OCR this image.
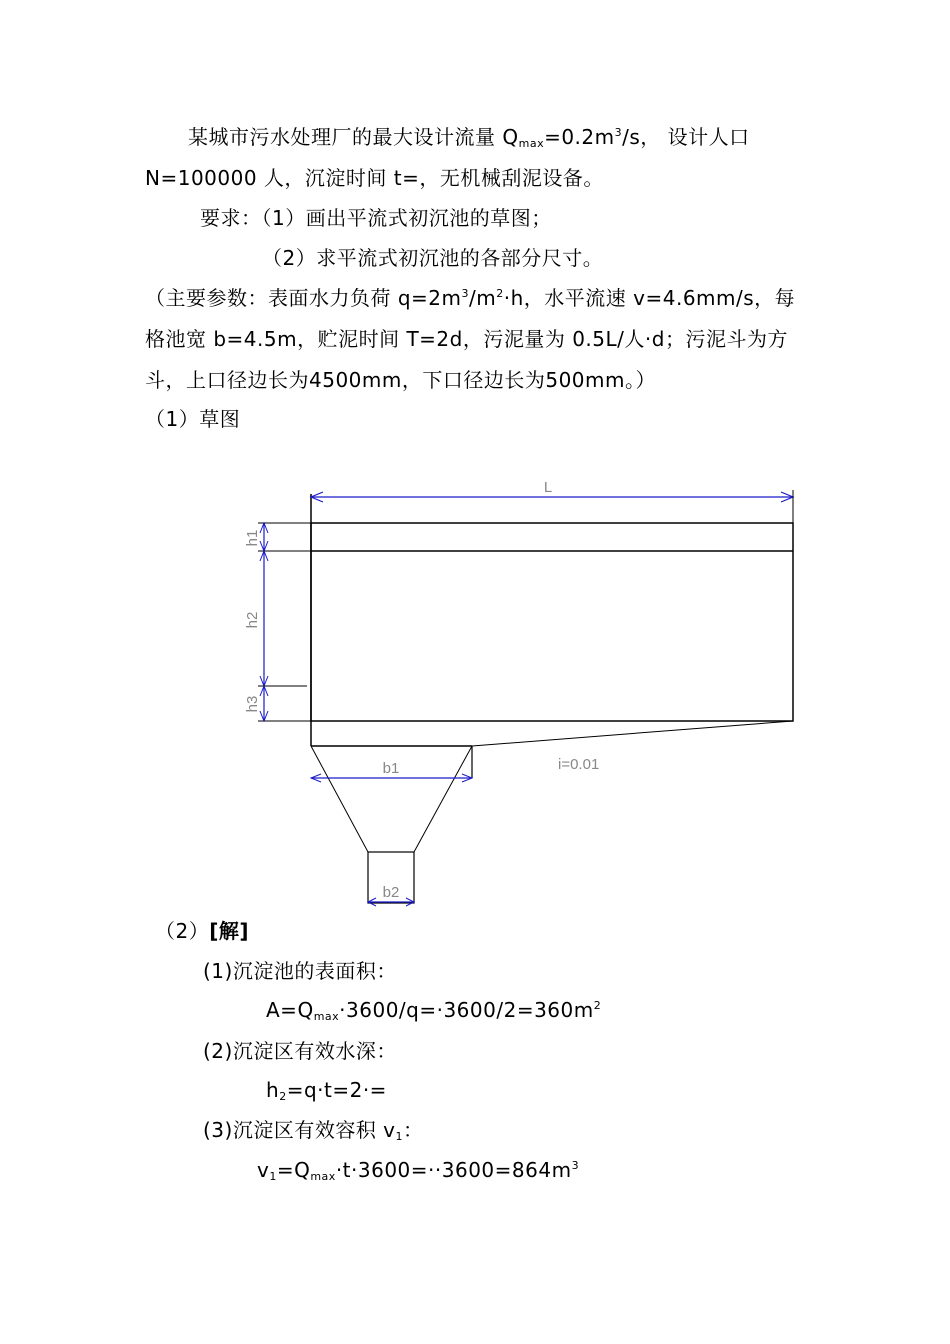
某城市污水处理厂的最大设计流量 $Q_{max}=0.2m^3/s$， 设计人口
N=100000 人，沉淀时间 t=，无机械刮泥设备。
要求：（1）画出平流式初沉池的草图；
（2）求平流式初沉池的各部分尺寸。
（主要参数：表面水力负荷 $q=2m^3/m^2\cdot h$，水平流速 v=4.6mm/s，每
格池宽 b=4.5m，贮泥时间 T=2d，污泥量为 0.5L/人·d；污泥斗为方
斗，上口径边长为4500mm，下口径边长为500mm。）
（1）草图
L
h1
h2
h3
b1
b2
i=0.01
（2）[解]
(1)沉淀池的表面积：
$A=Q_{max}\cdot 3600/q=\cdot 3600/2=360m^2$
(2)沉淀区有效水深：
$h_2=q\cdot t=2\cdot=$
(3)沉淀区有效容积 $v_1$：
$v_1=Q_{max}\cdot t\cdot 3600=\cdot\cdot 3600=864m^3$
